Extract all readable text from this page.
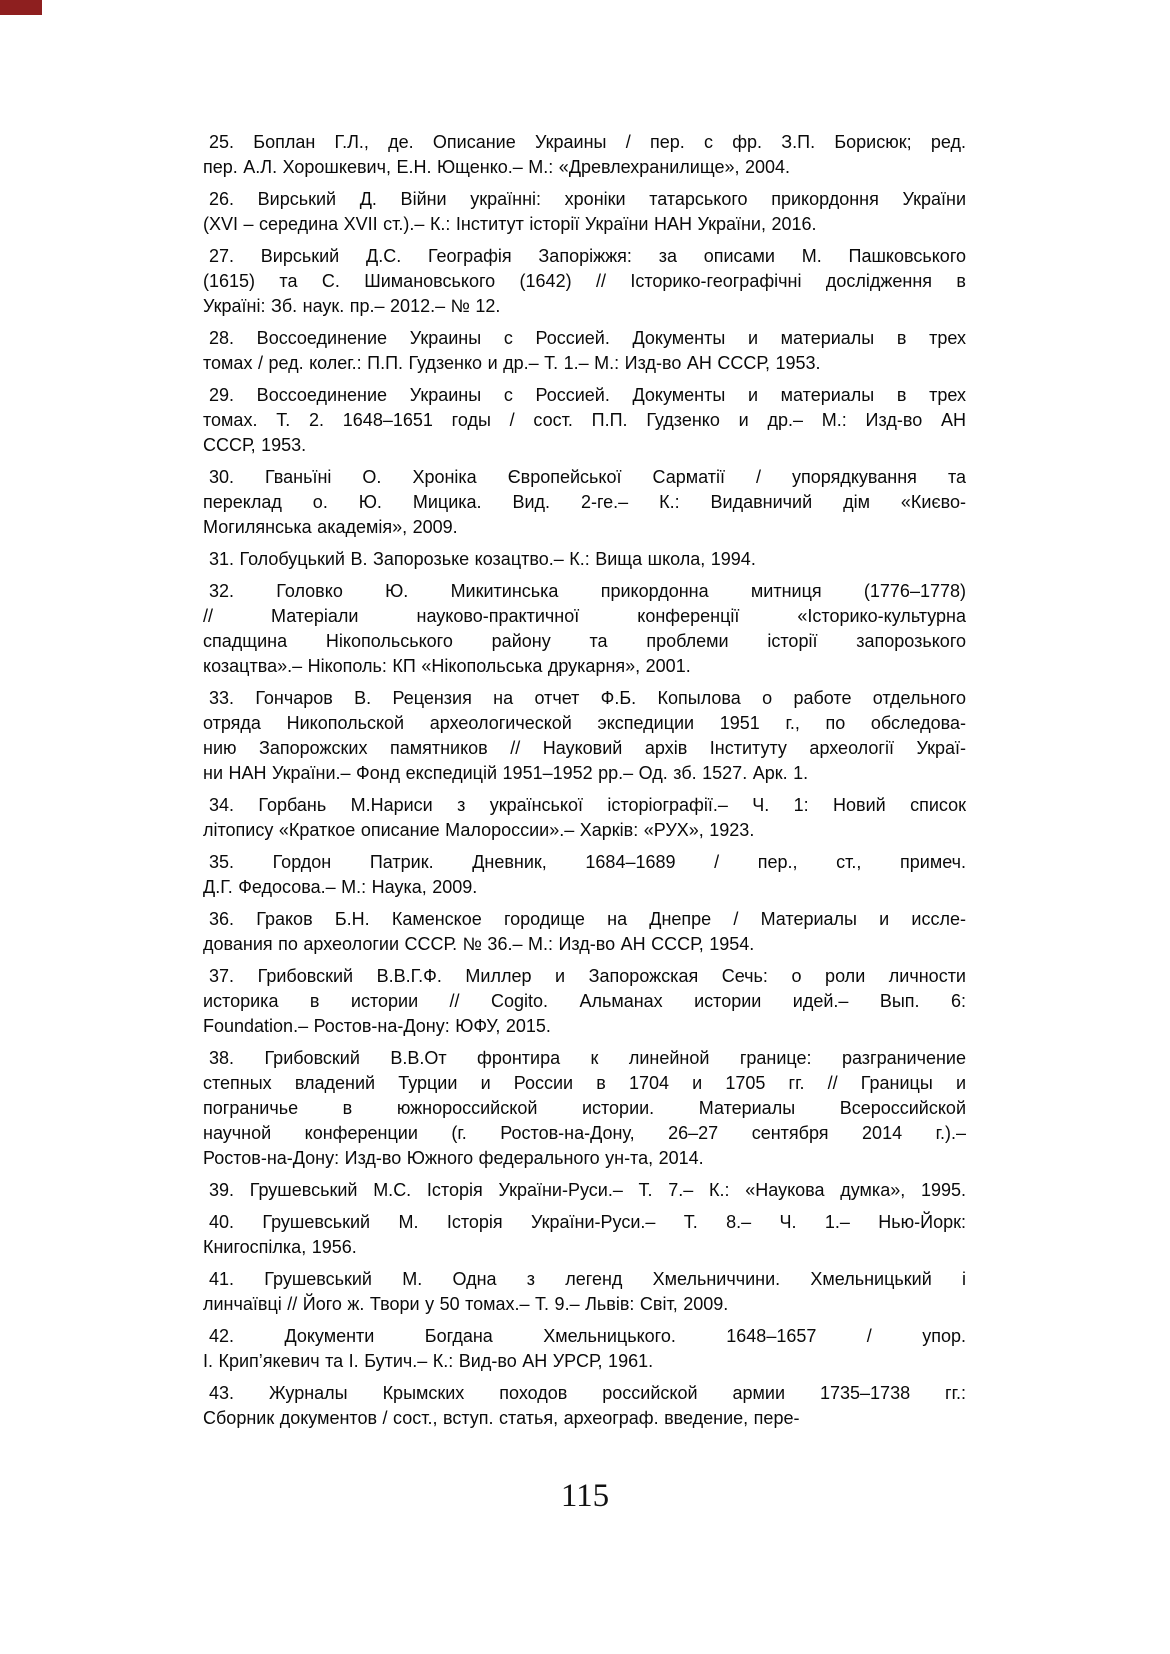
25. Боплан Г.Л., де. Описание Украины / пер. с фр. З.П. Борисюк; ред.
пер. А.Л. Хорошкевич, Е.Н. Ющенко.– М.: «Древлехранилище», 2004.
26. Вирський Д. Війни українні: хроніки татарського прикордоння України
(XVI – середина XVII ст.).– К.: Інститут історії України НАН України, 2016.
27. Вирський Д.С. Географія Запоріжжя: за описами М. Пашковського
(1615) та С. Шимановського (1642) // Історико-географічні дослідження в
Україні: Зб. наук. пр.– 2012.– № 12.
28. Воссоединение Украины с Россией. Документы и материалы в трех
томах / ред. колег.: П.П. Гудзенко и др.– Т. 1.– М.: Изд-во АН СССР, 1953.
29. Воссоединение Украины с Россией. Документы и материалы в трех
томах. Т. 2. 1648–1651 годы / сост. П.П. Гудзенко и др.– М.: Изд-во АН
СССР, 1953.
30. Гваньїні О. Хроніка Європейської Сарматії / упорядкування та
переклад о. Ю. Мицика. Вид. 2-ге.– К.: Видавничий дім «Києво-
Могилянська академія», 2009.
31. Голобуцький В. Запорозьке козацтво.– К.: Вища школа, 1994.
32. Головко Ю. Микитинська прикордонна митниця (1776–1778)
// Матеріали науково-практичної конференції «Історико-культурна
спадщина Нікопольського району та проблеми історії запорозького
козацтва».– Нікополь: КП «Нікопольська друкарня», 2001.
33. Гончаров В. Рецензия на отчет Ф.Б. Копылова о работе отдельного
отряда Никопольской археологической экспедиции 1951 г., по обследова-
нию Запорожских памятников // Науковий архів Інституту археології Украї-
ни НАН України.– Фонд експедицій 1951–1952 рр.– Од. зб. 1527. Арк. 1.
34. Горбань М.Нариси з української історіографії.– Ч. 1: Новий список
літопису «Краткое описание Малороссии».– Харків: «РУХ», 1923.
35. Гордон Патрик. Дневник, 1684–1689 / пер., ст., примеч.
Д.Г. Федосова.– М.: Наука, 2009.
36. Граков Б.Н. Каменское городище на Днепре / Материалы и иссле-
дования по археологии СССР. № 36.– М.: Изд-во АН СССР, 1954.
37. Грибовский В.В.Г.Ф. Миллер и Запорожская Сечь: о роли личности
историка в истории // Cogito. Альманах истории идей.– Вып. 6:
Foundation.– Ростов-на-Дону: ЮФУ, 2015.
38. Грибовский В.В.От фронтира к линейной границе: разграничение
степных владений Турции и России в 1704 и 1705 гг. // Границы и
пограничье в южнороссийской истории. Материалы Всероссийской
научной конференции (г. Ростов-на-Дону, 26–27 сентября 2014 г.).–
Ростов-на-Дону: Изд-во Южного федерального ун-та, 2014.
39. Грушевський М.С. Історія України-Руси.– Т. 7.– К.: «Наукова думка», 1995.
40. Грушевський М. Історія України-Руси.– Т. 8.– Ч. 1.– Нью-Йорк:
Книгоспілка, 1956.
41. Грушевський М. Одна з легенд Хмельниччини. Хмельницький і
линчаївці // Його ж. Твори у 50 томах.– Т. 9.– Львів: Світ, 2009.
42. Документи Богдана Хмельницького. 1648–1657 / упор.
І. Крип’якевич та І. Бутич.– К.: Вид-во АН УРСР, 1961.
43. Журналы Крымских походов российской армии 1735–1738 гг.:
Сборник документов / сост., вступ. статья, археограф. введение, пере-
115
